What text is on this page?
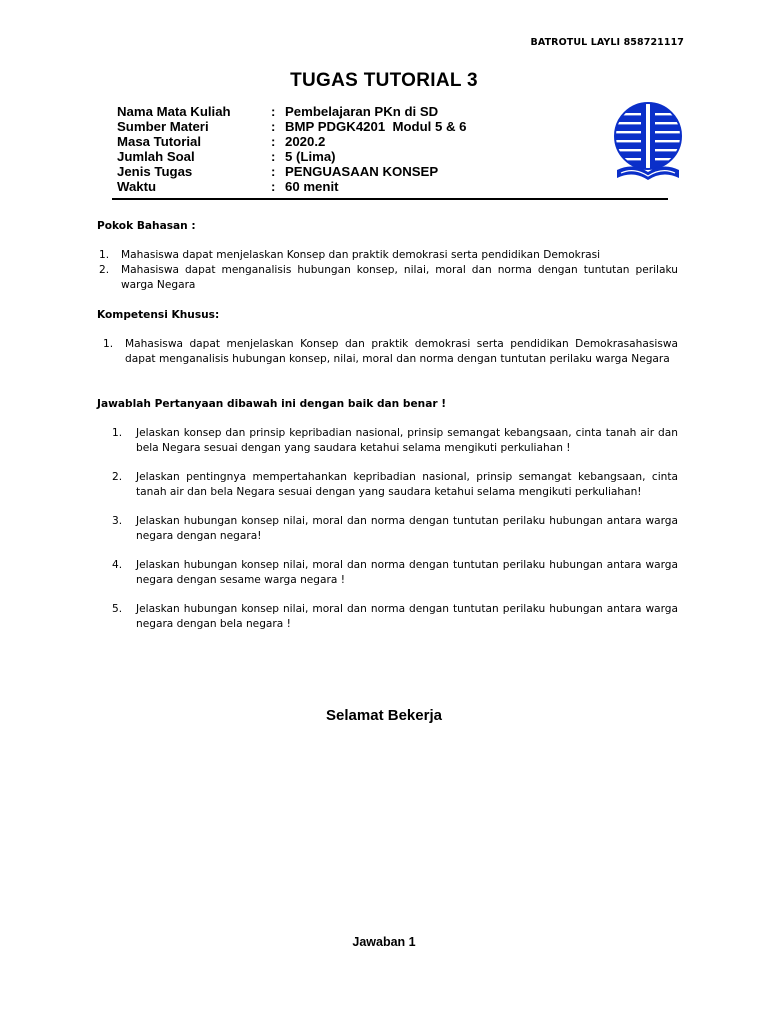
BATROTUL LAYLI 858721117
TUGAS TUTORIAL 3
Nama Mata Kuliah	:	Pembelajaran PKn di SD
Sumber Materi	:	BMP PDGK4201  Modul 5 & 6
Masa Tutorial	:	2020.2
Jumlah Soal	:	5 (Lima)
Jenis Tugas	:	PENGUASAAN KONSEP
Waktu	:	60 menit
Pokok Bahasan :
1. Mahasiswa dapat menjelaskan Konsep dan praktik demokrasi serta pendidikan Demokrasi
2. Mahasiswa dapat menganalisis hubungan konsep, nilai, moral dan norma dengan tuntutan perilaku warga Negara
Kompetensi Khusus:
1. Mahasiswa dapat menjelaskan Konsep dan praktik demokrasi serta pendidikan Demokrasahasiswa dapat menganalisis hubungan konsep, nilai, moral dan norma dengan tuntutan perilaku warga Negara
Jawablah Pertanyaan dibawah ini dengan baik dan benar !
1. Jelaskan konsep dan prinsip kepribadian nasional, prinsip semangat kebangsaan, cinta tanah air dan bela Negara sesuai dengan yang saudara ketahui selama mengikuti perkuliahan !
2. Jelaskan pentingnya mempertahankan kepribadian nasional, prinsip semangat kebangsaan, cinta tanah air dan bela Negara sesuai dengan yang saudara ketahui selama mengikuti perkuliahan!
3. Jelaskan hubungan konsep nilai, moral dan norma dengan tuntutan perilaku hubungan antara warga negara dengan negara!
4. Jelaskan hubungan konsep nilai, moral dan norma dengan tuntutan perilaku hubungan antara warga negara dengan sesame warga negara !
5. Jelaskan hubungan konsep nilai, moral dan norma dengan tuntutan perilaku hubungan antara warga negara dengan bela negara !
Selamat Bekerja
Jawaban 1
